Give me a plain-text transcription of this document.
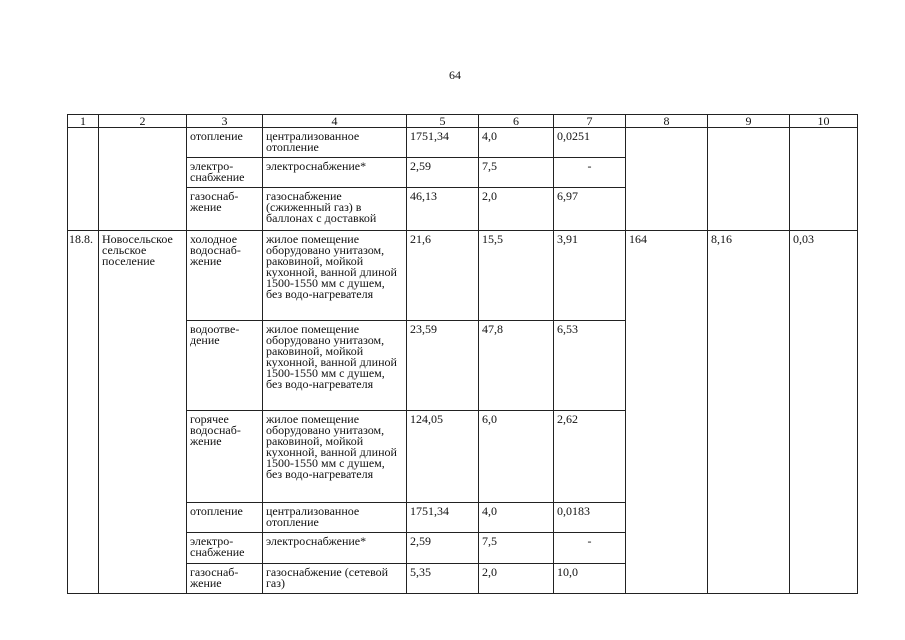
64
1	2	3	4	5	6	7	8	9	10
		отопление	централизованное отопление	1751,34	4,0	0,0251			
		электро-снабжение	электроснабжение*	2,59	7,5	-			
		газоснаб-жение	газоснабжение (сжиженный газ) в баллонах с доставкой	46,13	2,0	6,97			
18.8.	Новосельское сельское поселение	холодное водоснаб-жение	жилое помещение оборудовано унитазом, раковиной, мойкой кухонной, ванной длиной 1500-1550 мм с душем, без водо-нагревателя	21,6	15,5	3,91	164	8,16	0,03
		водоотве-дение	жилое помещение оборудовано унитазом, раковиной, мойкой кухонной, ванной длиной 1500-1550 мм с душем, без водо-нагревателя	23,59	47,8	6,53			
		горячее водоснаб-жение	жилое помещение оборудовано унитазом, раковиной, мойкой кухонной, ванной длиной 1500-1550 мм с душем, без водо-нагревателя	124,05	6,0	2,62			
		отопление	централизованное отопление	1751,34	4,0	0,0183			
		электро-снабжение	электроснабжение*	2,59	7,5	-			
		газоснаб-жение	газоснабжение (сетевой газ)	5,35	2,0	10,0			
